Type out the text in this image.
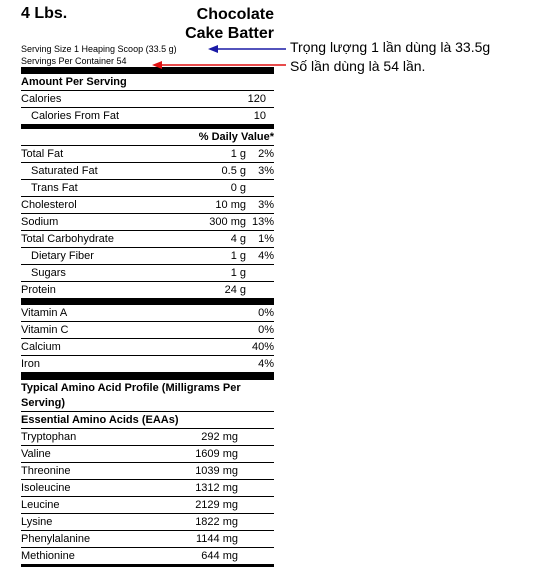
4 Lbs.	Chocolate
Cake Batter
Serving Size 1 Heaping Scoop (33.5 g)
Servings Per Container 54
Amount Per Serving
Calories	120
Calories From Fat	10
% Daily Value*
Total Fat	1 g 2%
Saturated Fat	0.5 g 3%
Trans Fat	0 g
Cholesterol	10 mg 3%
Sodium	300 mg 13%
Total Carbohydrate	4 g 1%
Dietary Fiber	1 g 4%
Sugars	1 g
Protein	24 g
Vitamin A	0%
Vitamin C	0%
Calcium	40%
Iron	4%
Typical Amino Acid Profile (Milligrams Per Serving)
Essential Amino Acids (EAAs)
Tryptophan	292 mg
Valine	1609 mg
Threonine	1039 mg
Isoleucine	1312 mg
Leucine	2129 mg
Lysine	1822 mg
Phenylalanine	1144 mg
Methionine	644 mg
Trọng lượng 1 lần dùng là 33.5g
Số lần dùng là 54 lần.
